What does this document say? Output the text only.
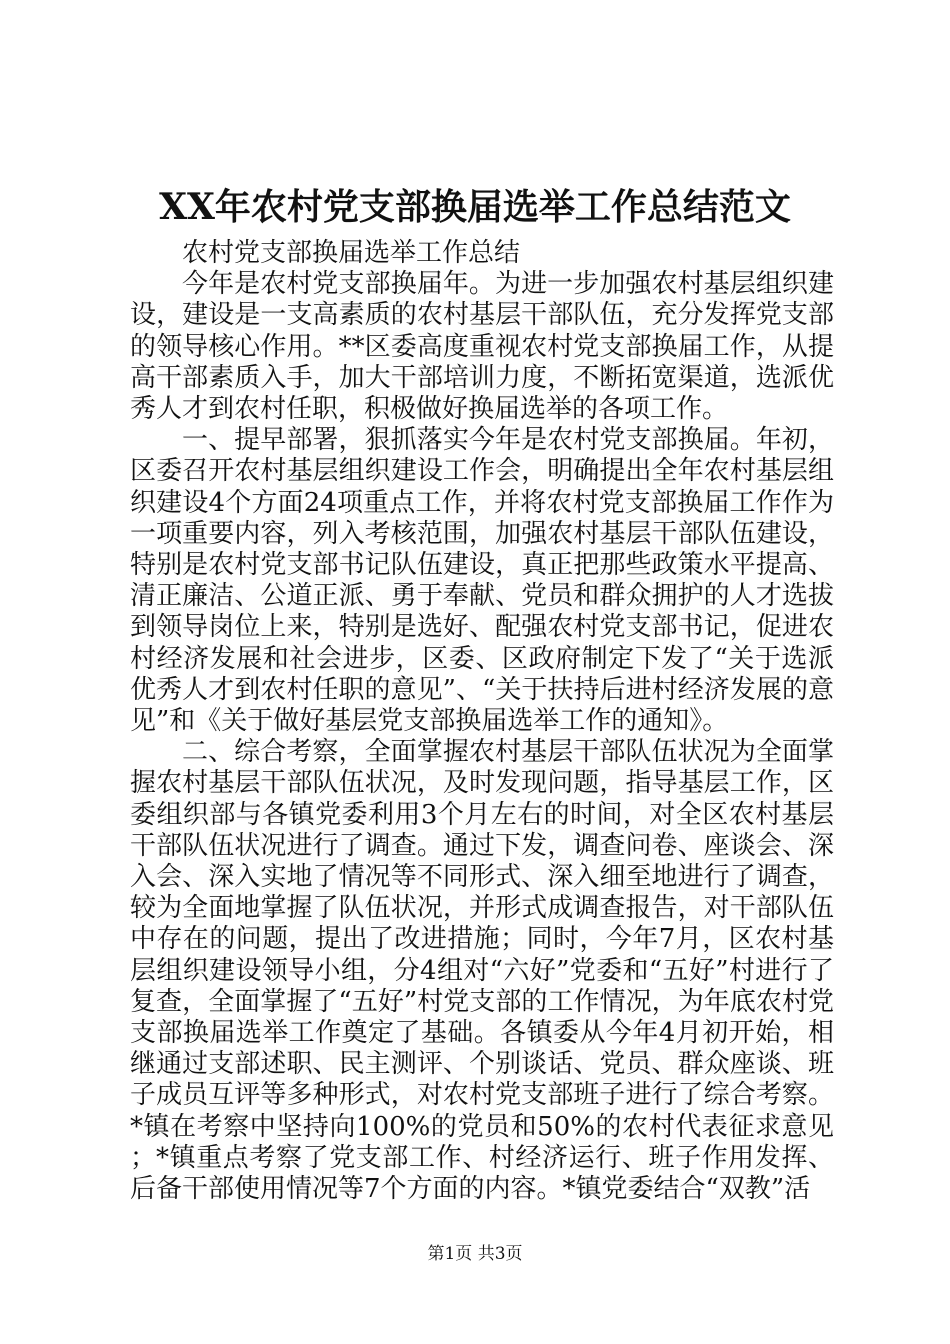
XX年农村党支部换届选举工作总结范文

农村党支部换届选举工作总结

今年是农村党支部换届年。为进一步加强农村基层组织建设，建设是一支高素质的农村基层干部队伍，充分发挥党支部的领导核心作用。**区委高度重视农村党支部换届工作，从提高干部素质入手，加大干部培训力度，不断拓宽渠道，选派优秀人才到农村任职，积极做好换届选举的各项工作。

一、提早部署，狠抓落实今年是农村党支部换届。年初，区委召开农村基层组织建设工作会，明确提出全年农村基层组织建设4个方面24项重点工作，并将农村党支部换届工作作为一项重要内容，列入考核范围，加强农村基层干部队伍建设，特别是农村党支部书记队伍建设，真正把那些政策水平提高、清正廉洁、公道正派、勇于奉献、党员和群众拥护的人才选拔到领导岗位上来，特别是选好、配强农村党支部书记，促进农村经济发展和社会进步，区委、区政府制定下发了“关于选派优秀人才到农村任职的意见”、“关于扶持后进村经济发展的意见”和《关于做好基层党支部换届选举工作的通知》。

二、综合考察，全面掌握农村基层干部队伍状况为全面掌握农村基层干部队伍状况，及时发现问题，指导基层工作，区委组织部与各镇党委利用3个月左右的时间，对全区农村基层干部队伍状况进行了调查。通过下发，调查问卷、座谈会、深入会、深入实地了情况等不同形式、深入细至地进行了调查，较为全面地掌握了队伍状况，并形式成调查报告，对干部队伍中存在的问题，提出了改进措施；同时，今年7月，区农村基层组织建设领导小组，分4组对“六好”党委和“五好”村进行了复查，全面掌握了“五好”村党支部的工作情况，为年底农村党支部换届选举工作奠定了基础。各镇委从今年4月初开始，相继通过支部述职、民主测评、个别谈话、党员、群众座谈、班子成员互评等多种形式，对农村党支部班子进行了综合考察。*镇在考察中坚持向100%的党员和50%的农村代表征求意见；*镇重点考察了党支部工作、村经济运行、班子作用发挥、后备干部使用情况等7个方面的内容。*镇党委结合“双教”活

第1页 共3页
